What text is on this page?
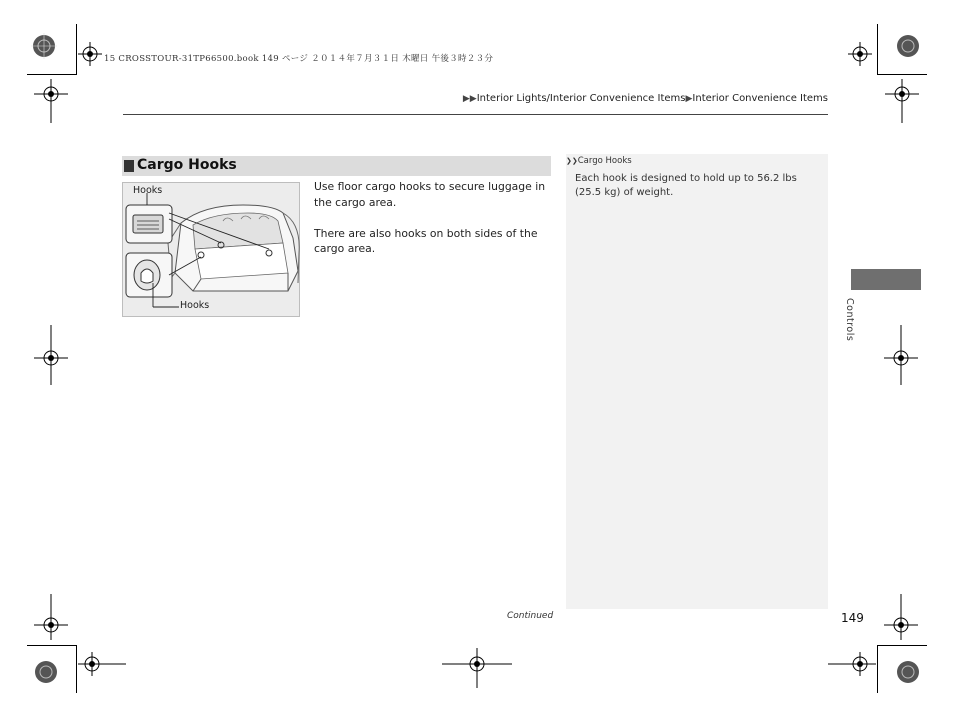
15 CROSSTOUR-31TP66500.book 149 ページ ２０１４年７月３１日 木曜日 午後３時２３分
▶▶Interior Lights/Interior Convenience Items▶Interior Convenience Items
Cargo Hooks
Hooks
Hooks

Use floor cargo hooks to secure luggage in the cargo area.

There are also hooks on both sides of the cargo area.

❯❯Cargo Hooks
Each hook is designed to hold up to 56.2 lbs (25.5 kg) of weight.
Continued	149
Controls
